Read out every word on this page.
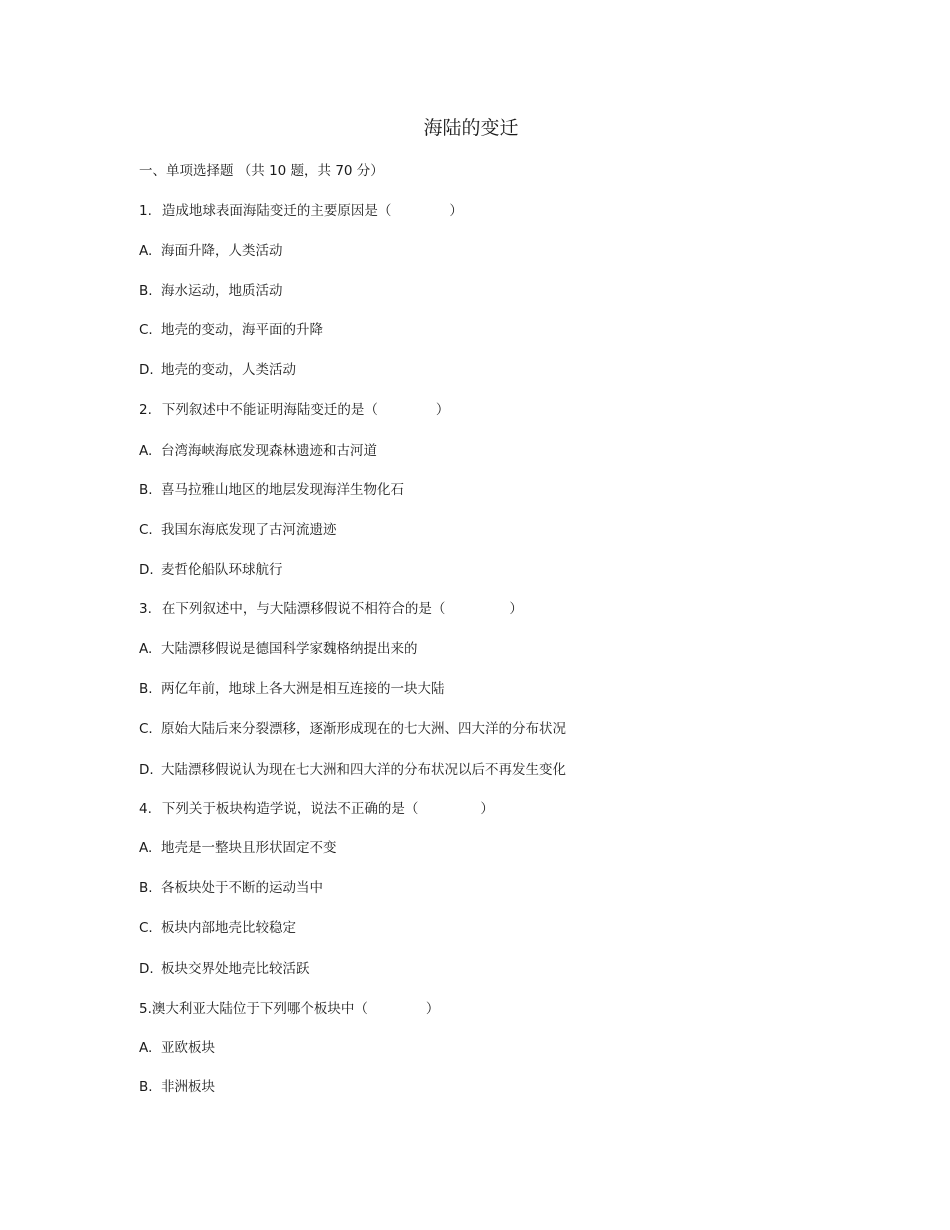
海陆的变迁
一、单项选择题 （共 10 题，共 70 分）
1. 造成地球表面海陆变迁的主要原因是（	）
A. 海面升降，人类活动
B. 海水运动，地质活动
C. 地壳的变动，海平面的升降
D. 地壳的变动，人类活动
2. 下列叙述中不能证明海陆变迁的是（	）
A. 台湾海峡海底发现森林遗迹和古河道
B. 喜马拉雅山地区的地层发现海洋生物化石
C. 我国东海底发现了古河流遗迹
D. 麦哲伦船队环球航行
3. 在下列叙述中，与大陆漂移假说不相符合的是（	）
A. 大陆漂移假说是德国科学家魏格纳提出来的
B. 两亿年前，地球上各大洲是相互连接的一块大陆
C. 原始大陆后来分裂漂移，逐渐形成现在的七大洲、四大洋的分布状况
D. 大陆漂移假说认为现在七大洲和四大洋的分布状况以后不再发生变化
4. 下列关于板块构造学说，说法不正确的是（	）
A. 地壳是一整块且形状固定不变
B. 各板块处于不断的运动当中
C. 板块内部地壳比较稳定
D. 板块交界处地壳比较活跃
5.澳大利亚大陆位于下列哪个板块中（	）
A. 亚欧板块
B. 非洲板块
